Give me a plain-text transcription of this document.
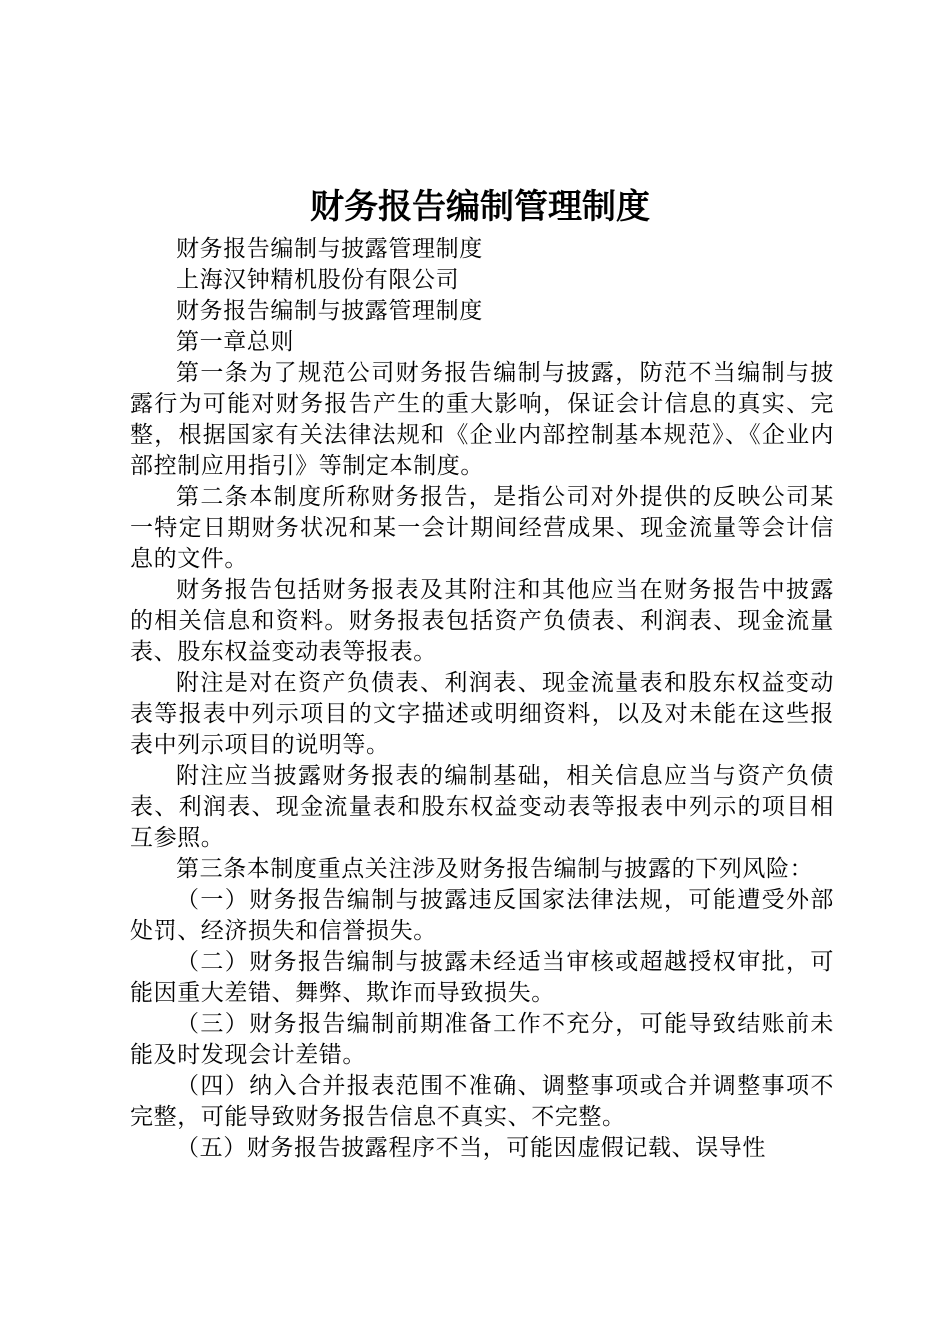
财务报告编制管理制度

财务报告编制与披露管理制度

上海汉钟精机股份有限公司

财务报告编制与披露管理制度

第一章总则

第一条为了规范公司财务报告编制与披露，防范不当编制与披露行为可能对财务报告产生的重大影响，保证会计信息的真实、完整，根据国家有关法律法规和《企业内部控制基本规范》、《企业内部控制应用指引》等制定本制度。

第二条本制度所称财务报告，是指公司对外提供的反映公司某一特定日期财务状况和某一会计期间经营成果、现金流量等会计信息的文件。

财务报告包括财务报表及其附注和其他应当在财务报告中披露的相关信息和资料。财务报表包括资产负债表、利润表、现金流量表、股东权益变动表等报表。

附注是对在资产负债表、利润表、现金流量表和股东权益变动表等报表中列示项目的文字描述或明细资料，以及对未能在这些报表中列示项目的说明等。

附注应当披露财务报表的编制基础，相关信息应当与资产负债表、利润表、现金流量表和股东权益变动表等报表中列示的项目相互参照。

第三条本制度重点关注涉及财务报告编制与披露的下列风险：

（一）财务报告编制与披露违反国家法律法规，可能遭受外部处罚、经济损失和信誉损失。

（二）财务报告编制与披露未经适当审核或超越授权审批，可能因重大差错、舞弊、欺诈而导致损失。

（三）财务报告编制前期准备工作不充分，可能导致结账前未能及时发现会计差错。

（四）纳入合并报表范围不准确、调整事项或合并调整事项不完整，可能导致财务报告信息不真实、不完整。

（五）财务报告披露程序不当，可能因虚假记载、误导性
